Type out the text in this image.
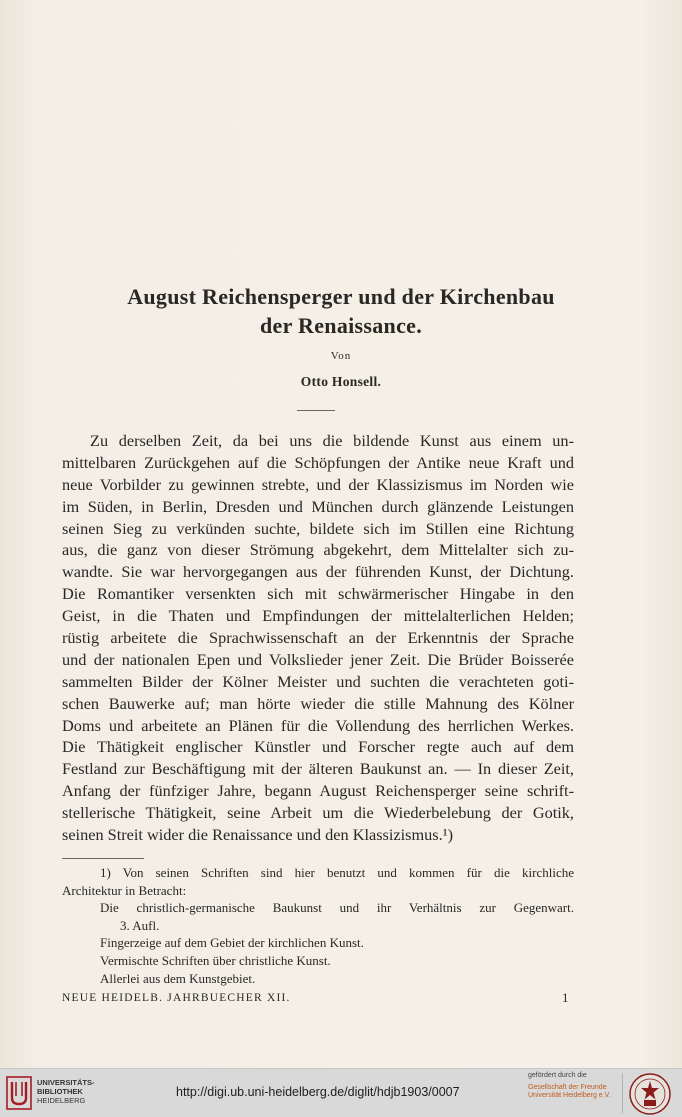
August Reichensperger und der Kirchenbau
der Renaissance.
Von
Otto Honsell.
Zu derselben Zeit, da bei uns die bildende Kunst aus einem un-
mittelbaren Zurückgehen auf die Schöpfungen der Antike neue Kraft und
neue Vorbilder zu gewinnen strebte, und der Klassizismus im Norden wie
im Süden, in Berlin, Dresden und München durch glänzende Leistungen
seinen Sieg zu verkünden suchte, bildete sich im Stillen eine Richtung
aus, die ganz von dieser Strömung abgekehrt, dem Mittelalter sich zu-
wandte. Sie war hervorgegangen aus der führenden Kunst, der Dichtung.
Die Romantiker versenkten sich mit schwärmerischer Hingabe in den
Geist, in die Thaten und Empfindungen der mittelalterlichen Helden;
rüstig arbeitete die Sprachwissenschaft an der Erkenntnis der Sprache
und der nationalen Epen und Volkslieder jener Zeit. Die Brüder Boisserée
sammelten Bilder der Kölner Meister und suchten die verachteten goti-
schen Bauwerke auf; man hörte wieder die stille Mahnung des Kölner
Doms und arbeitete an Plänen für die Vollendung des herrlichen Werkes.
Die Thätigkeit englischer Künstler und Forscher regte auch auf dem
Festland zur Beschäftigung mit der älteren Baukunst an. — In dieser Zeit,
Anfang der fünfziger Jahre, begann August Reichensperger seine schrift-
stellerische Thätigkeit, seine Arbeit um die Wiederbelebung der Gotik,
seinen Streit wider die Renaissance und den Klassizismus.¹)
1) Von seinen Schriften sind hier benutzt und kommen für die kirchliche
Architektur in Betracht:
Die christlich-germanische Baukunst und ihr Verhältnis zur Gegenwart.
3. Aufl.
Fingerzeige auf dem Gebiet der kirchlichen Kunst.
Vermischte Schriften über christliche Kunst.
Allerlei aus dem Kunstgebiet.
NEUE HEIDELB. JAHRBUECHER XII.	1
UNIVERSITÄTS-
BIBLIOTHEK
HEIDELBERG
http://digi.ub.uni-heidelberg.de/diglit/hdjb1903/0007
gefördert durch die
Gesellschaft der Freunde
Universität Heidelberg e.V.
